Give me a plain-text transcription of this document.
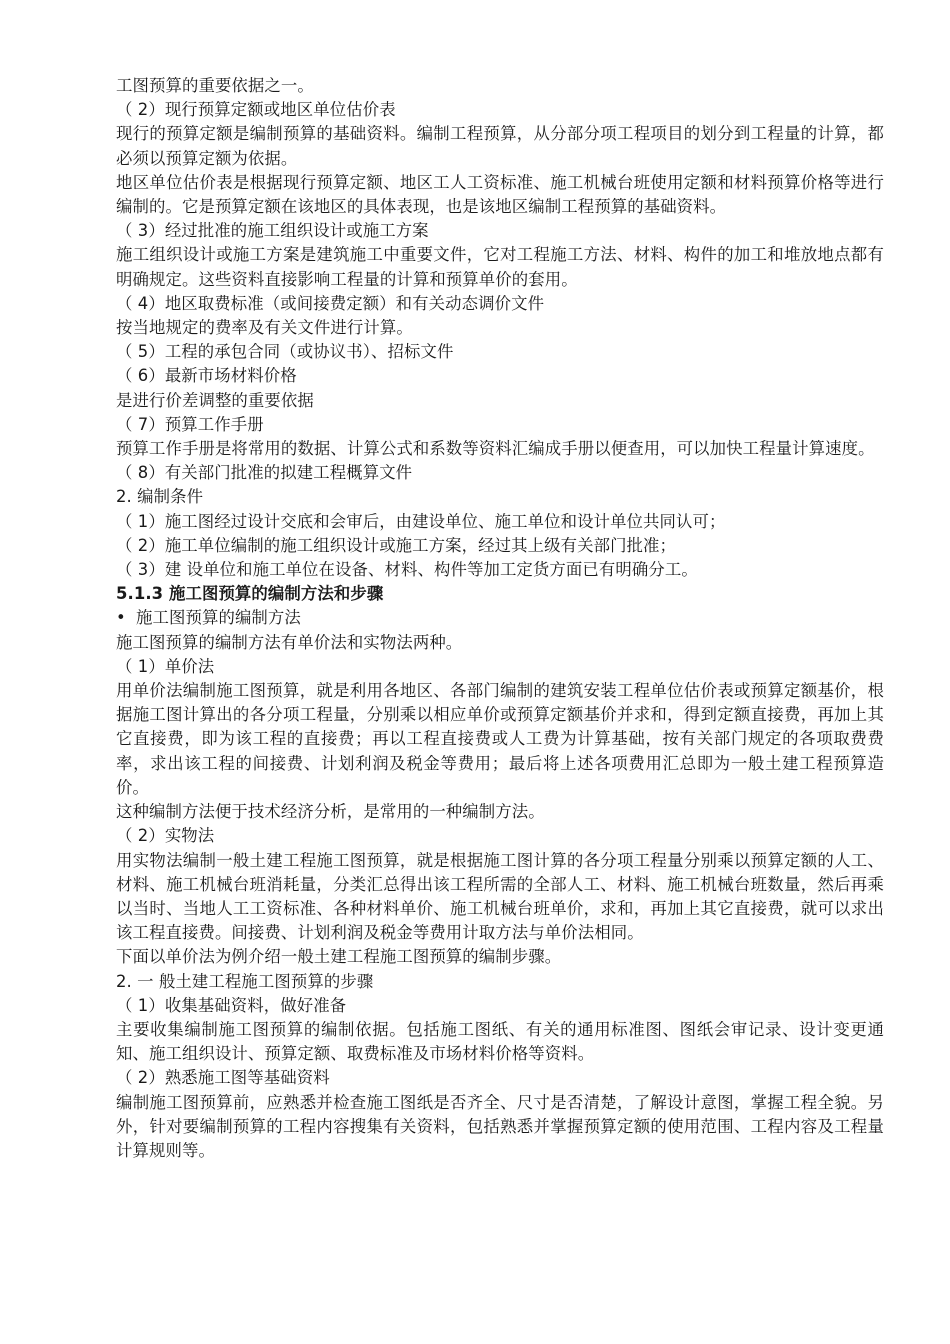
工图预算的重要依据之一。

（ 2）现行预算定额或地区单位估价表

现行的预算定额是编制预算的基础资料。编制工程预算，从分部分项工程项目的划分到工程量的计算，都必须以预算定额为依据。

地区单位估价表是根据现行预算定额、地区工人工资标准、施工机械台班使用定额和材料预算价格等进行编制的。它是预算定额在该地区的具体表现，也是该地区编制工程预算的基础资料。

（ 3）经过批准的施工组织设计或施工方案

施工组织设计或施工方案是建筑施工中重要文件，它对工程施工方法、材料、构件的加工和堆放地点都有明确规定。这些资料直接影响工程量的计算和预算单价的套用。

（ 4）地区取费标准（或间接费定额）和有关动态调价文件

按当地规定的费率及有关文件进行计算。

（ 5）工程的承包合同（或协议书）、招标文件

（ 6）最新市场材料价格

是进行价差调整的重要依据

（ 7）预算工作手册

预算工作手册是将常用的数据、计算公式和系数等资料汇编成手册以便查用，可以加快工程量计算速度。

（ 8）有关部门批准的拟建工程概算文件

2. 编制条件

（ 1）施工图经过设计交底和会审后，由建设单位、施工单位和设计单位共同认可；

（ 2）施工单位编制的施工组织设计或施工方案，经过其上级有关部门批准；

（ 3）建 设单位和施工单位在设备、材料、构件等加工定货方面已有明确分工。

5.1.3 施工图预算的编制方法和步骤

• 施工图预算的编制方法

施工图预算的编制方法有单价法和实物法两种。

（ 1）单价法

用单价法编制施工图预算，就是利用各地区、各部门编制的建筑安装工程单位估价表或预算定额基价，根据施工图计算出的各分项工程量，分别乘以相应单价或预算定额基价并求和，得到定额直接费，再加上其它直接费，即为该工程的直接费；再以工程直接费或人工费为计算基础，按有关部门规定的各项取费费率，求出该工程的间接费、计划利润及税金等费用；最后将上述各项费用汇总即为一般土建工程预算造价。

这种编制方法便于技术经济分析，是常用的一种编制方法。

（ 2）实物法

用实物法编制一般土建工程施工图预算，就是根据施工图计算的各分项工程量分别乘以预算定额的人工、材料、施工机械台班消耗量，分类汇总得出该工程所需的全部人工、材料、施工机械台班数量，然后再乘以当时、当地人工工资标准、各种材料单价、施工机械台班单价，求和，再加上其它直接费，就可以求出该工程直接费。间接费、计划利润及税金等费用计取方法与单价法相同。

下面以单价法为例介绍一般土建工程施工图预算的编制步骤。

2. 一 般土建工程施工图预算的步骤

（ 1）收集基础资料，做好准备

主要收集编制施工图预算的编制依据。包括施工图纸、有关的通用标准图、图纸会审记录、设计变更通知、施工组织设计、预算定额、取费标准及市场材料价格等资料。

（ 2）熟悉施工图等基础资料

编制施工图预算前，应熟悉并检查施工图纸是否齐全、尺寸是否清楚，了解设计意图，掌握工程全貌。另外，针对要编制预算的工程内容搜集有关资料，包括熟悉并掌握预算定额的使用范围、工程内容及工程量计算规则等。
